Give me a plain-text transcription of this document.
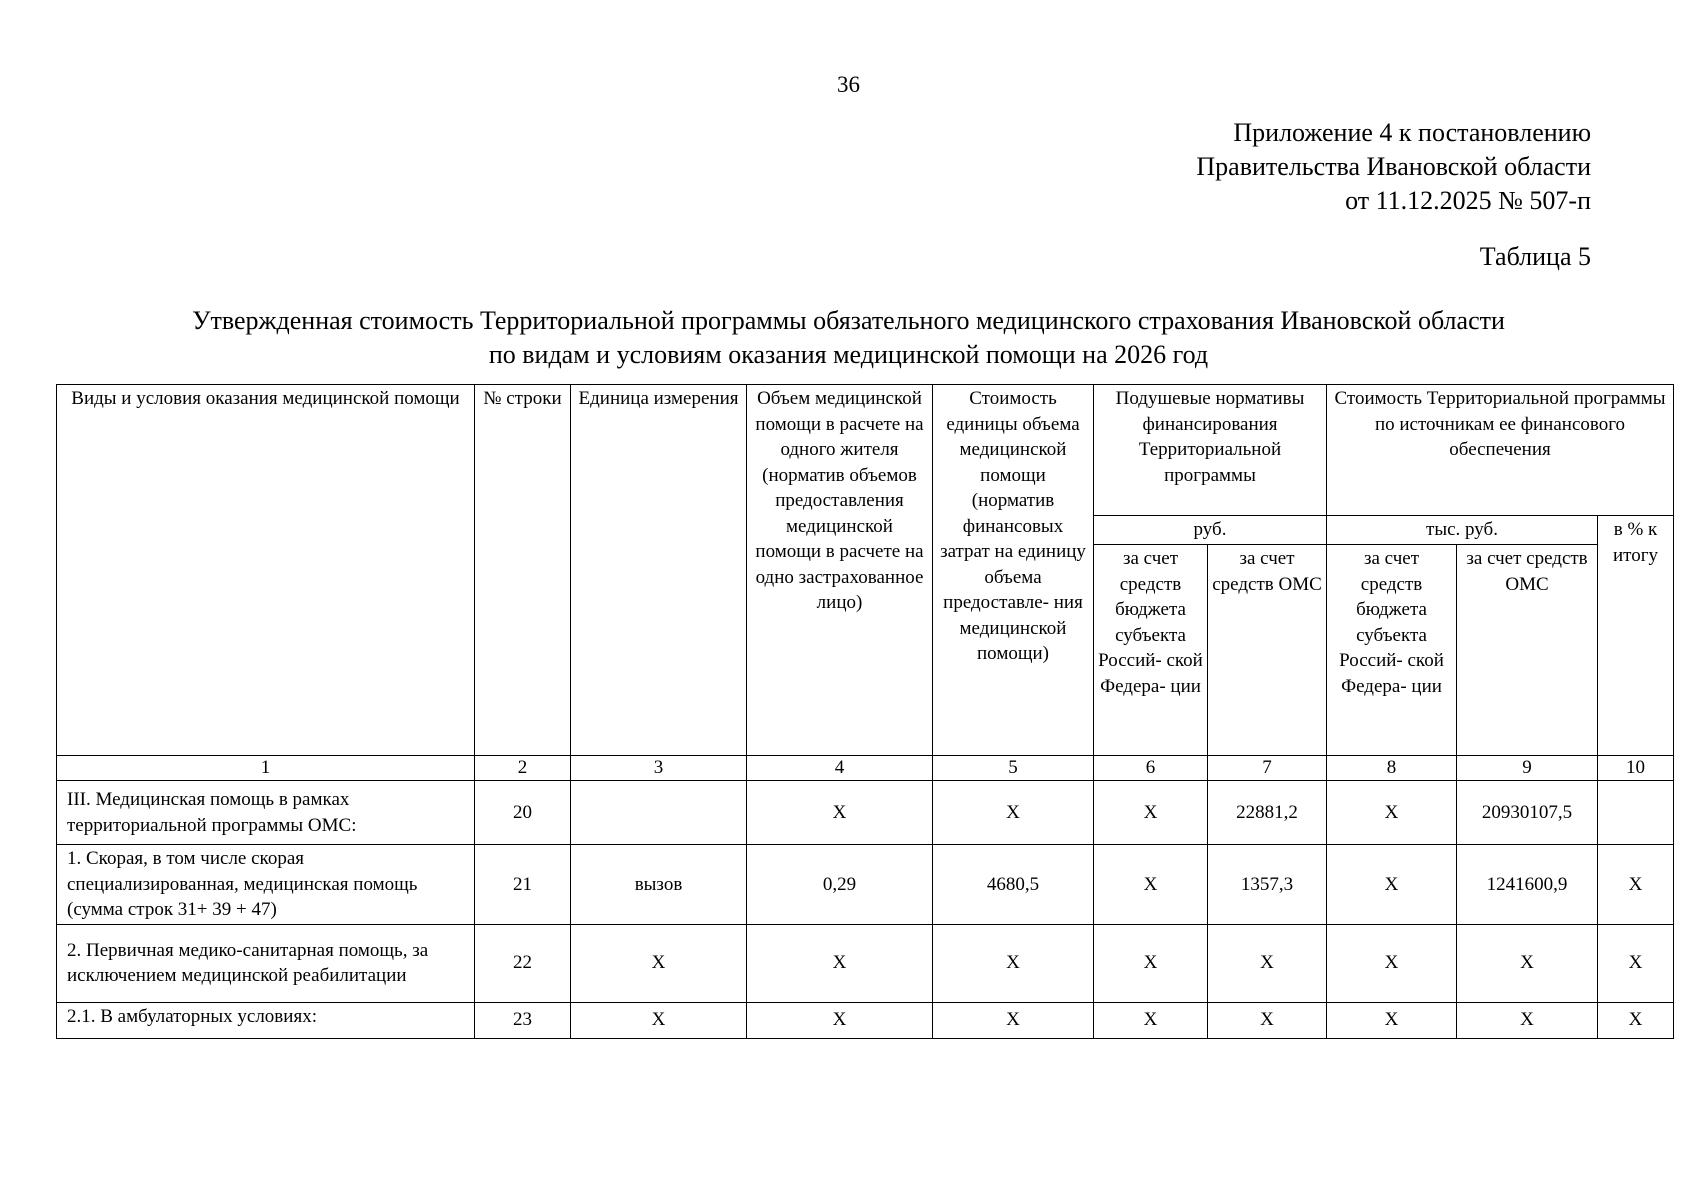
36
Приложение 4 к постановлению
Правительства Ивановской области
от 11.12.2025 № 507-п
Таблица 5
Утвержденная стоимость Территориальной программы обязательного медицинского страхования Ивановской области
по видам и условиям оказания медицинской помощи на 2026 год
Виды и условия оказания медицинской помощи	№ строки	Единица измерения	Объем медицинской помощи в расчете на одного жителя (норматив объемов предоставления медицинской помощи в расчете на одно застрахованное лицо)	Стоимость единицы объема медицинской помощи (норматив финансовых затрат на единицу объема предоставле- ния медицинской помощи)	Подушевые нормативы финансирования Территориальной программы		Стоимость Территориальной программы по источникам ее финансового обеспечения		
					руб.		тыс. руб.		в % к итогу
					за счет средств бюджета субъекта Россий- ской Федера- ции	за счет средств ОМС	за счет средств бюджета субъекта Россий- ской Федера- ции	за счет средств ОМС	
1	2	3	4	5	6	7	8	9	10
III. Медицинская помощь в рамках территориальной программы ОМС:	20		X	X	X	22881,2	X	20930107,5	
1. Скорая, в том числе скорая специализированная, медицинская помощь (сумма строк 31+ 39 + 47)	21	вызов	0,29	4680,5	X	1357,3	X	1241600,9	X
2. Первичная медико-санитарная помощь, за исключением медицинской реабилитации	22	X	X	X	X	X	X	X	X
2.1. В амбулаторных условиях:	23	X	X	X	X	X	X	X	X
